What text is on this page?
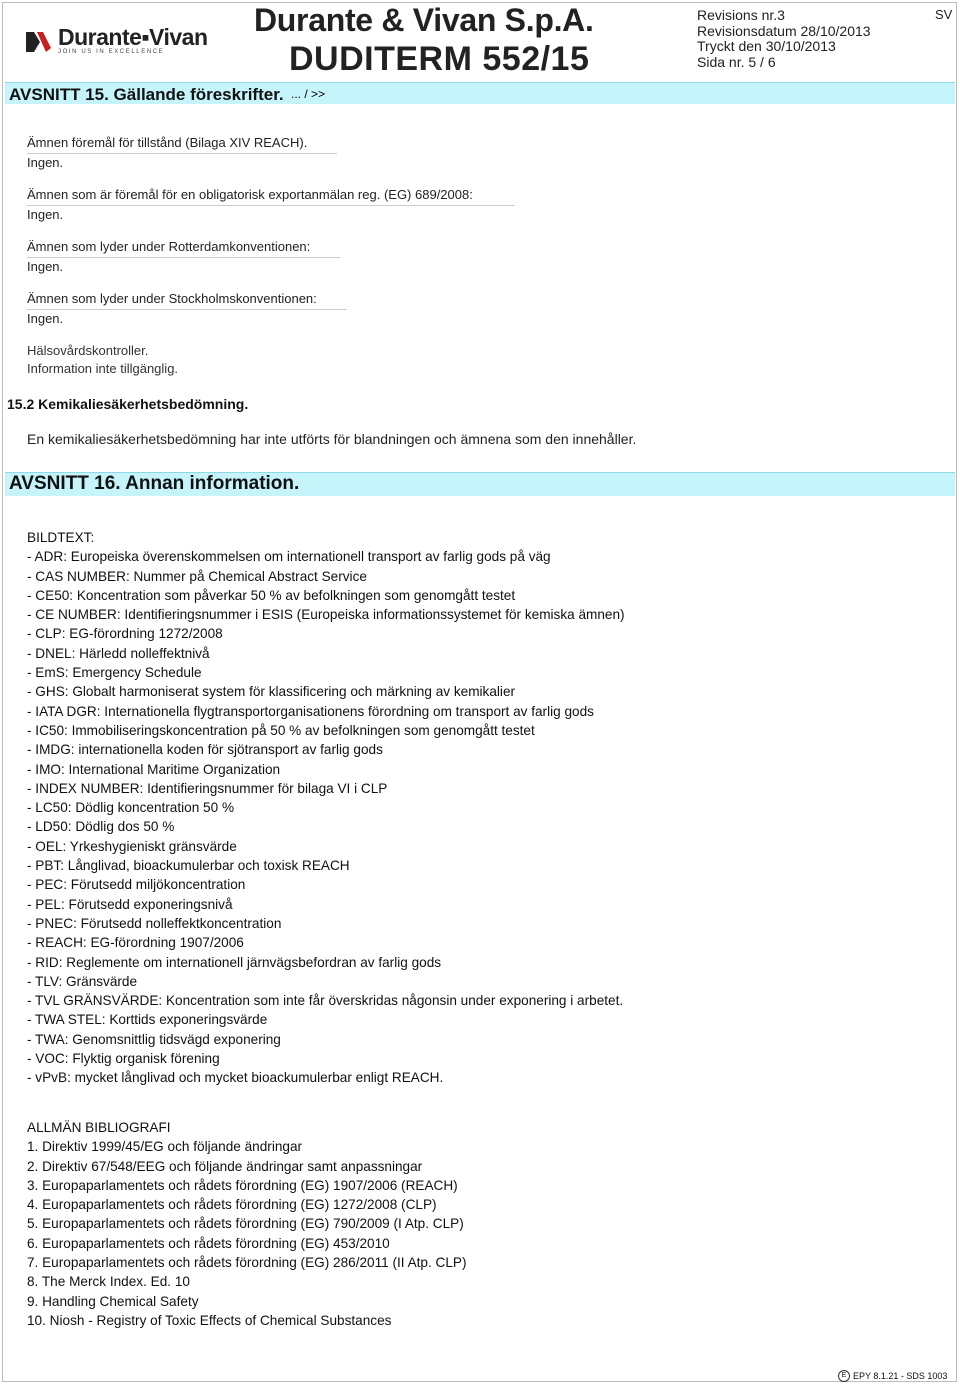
Durante▪Vivan
JOIN US IN EXCELLENCE
Durante & Vivan S.p.A.
DUDITERM 552/15
Revisions nr.3
Revisionsdatum 28/10/2013
Tryckt den 30/10/2013
Sida nr. 5 / 6
SV
AVSNITT 15. Gällande föreskrifter. ... / >>
Ämnen föremål för tillstånd (Bilaga XIV REACH).
Ingen.
Ämnen som är föremål för en obligatorisk exportanmälan reg. (EG) 689/2008:
Ingen.
Ämnen som lyder under Rotterdamkonventionen:
Ingen.
Ämnen som lyder under Stockholmskonventionen:
Ingen.
Hälsovårdskontroller.
Information inte tillgänglig.
15.2 Kemikaliesäkerhetsbedömning.
En kemikaliesäkerhetsbedömning har inte utförts för blandningen och ämnena som den innehåller.
AVSNITT 16. Annan information.
BILDTEXT:
- ADR: Europeiska överenskommelsen om internationell transport av farlig gods på väg
- CAS NUMBER: Nummer på Chemical Abstract Service
- CE50: Koncentration som påverkar 50 % av befolkningen som genomgått testet
- CE NUMBER: Identifieringsnummer i ESIS (Europeiska informationssystemet för kemiska ämnen)
- CLP: EG-förordning 1272/2008
- DNEL: Härledd nolleffektnivå
- EmS: Emergency Schedule
- GHS: Globalt harmoniserat system för klassificering och märkning av kemikalier
- IATA DGR: Internationella flygtransportorganisationens förordning om transport av farlig gods
- IC50: Immobiliseringskoncentration på 50 % av befolkningen som genomgått testet
- IMDG: internationella koden för sjötransport av farlig gods
- IMO: International Maritime Organization
- INDEX NUMBER: Identifieringsnummer för bilaga VI i CLP
- LC50: Dödlig koncentration 50 %
- LD50: Dödlig dos 50 %
- OEL: Yrkeshygieniskt gränsvärde
- PBT: Långlivad, bioackumulerbar och toxisk REACH
- PEC: Förutsedd miljökoncentration
- PEL: Förutsedd exponeringsnivå
- PNEC: Förutsedd nolleffektkoncentration
- REACH: EG-förordning 1907/2006
- RID: Reglemente om internationell järnvägsbefordran av farlig gods
- TLV: Gränsvärde
- TVL GRÄNSVÄRDE: Koncentration som inte får överskridas någonsin under exponering i arbetet.
- TWA STEL: Korttids exponeringsvärde
- TWA: Genomsnittlig tidsvägd exponering
- VOC: Flyktig organisk förening
- vPvB: mycket långlivad och mycket bioackumulerbar enligt REACH.
ALLMÄN BIBLIOGRAFI
1. Direktiv 1999/45/EG och följande ändringar
2. Direktiv 67/548/EEG och följande ändringar samt anpassningar
3. Europaparlamentets och rådets förordning (EG) 1907/2006 (REACH)
4. Europaparlamentets och rådets förordning (EG) 1272/2008 (CLP)
5. Europaparlamentets och rådets förordning (EG) 790/2009 (I Atp. CLP)
6. Europaparlamentets och rådets förordning (EG) 453/2010
7. Europaparlamentets och rådets förordning (EG) 286/2011 (II Atp. CLP)
8. The Merck Index. Ed. 10
9. Handling Chemical Safety
10. Niosh - Registry of Toxic Effects of Chemical Substances
E EPY 8.1.21 - SDS 1003
